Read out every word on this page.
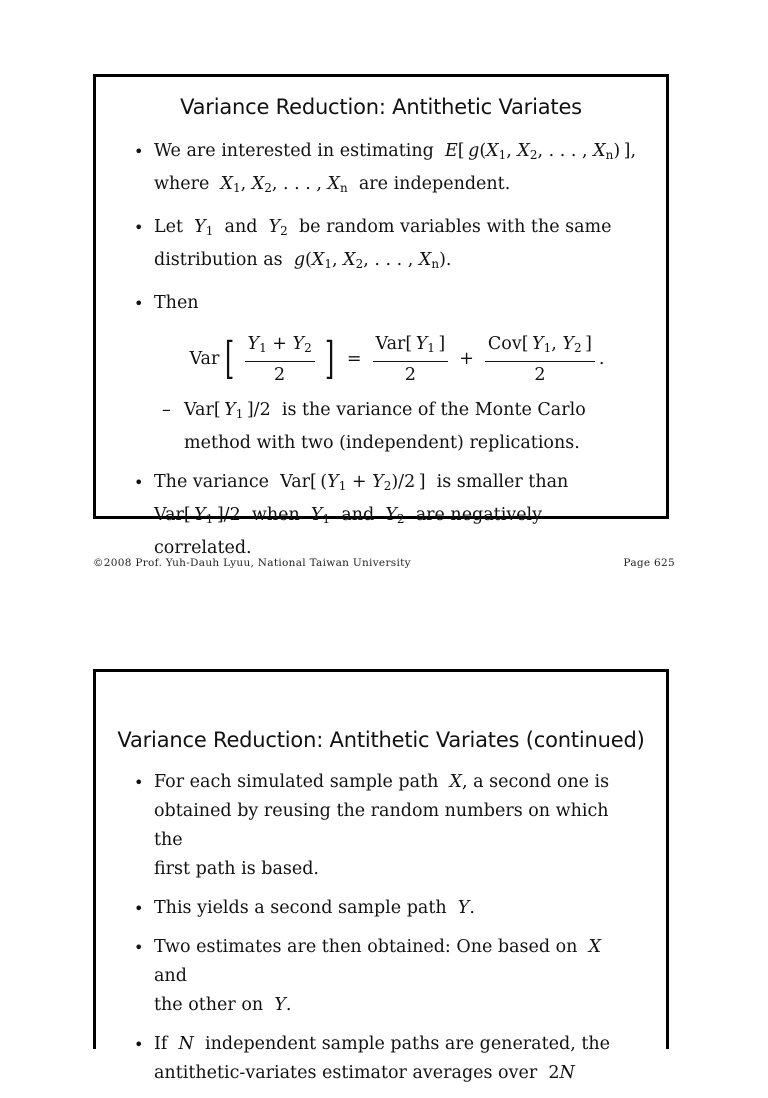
Variance Reduction: Antithetic Variates
• We are interested in estimating E[ $g(X_1$, $X_2$, . . . , $X_n$) ],
where $X_1$, $X_2$, . . . , $X_n$ are independent.
• Let $Y_1$ and $Y_2$ be random variables with the same
distribution as $g(X_1$, $X_2$, . . . , $X_n$).
• Then
Var [ $\frac{Y_1 + Y_2}{2}$ ] = $\frac{Var[ Y_1 ]}{2} + \frac{Cov[ Y_1, Y_2 ]}{2}$ .
– Var[ $Y_1$ ]/2  is the variance of the Monte Carlo
method with two (independent) replications.
• The variance  Var[ $(Y_1 + Y_2)/2$ ]  is smaller than
Var[ $Y_1$ ]/2  when $Y_1$ and $Y_2$ are negatively correlated.
©2008 Prof. Yuh-Dauh Lyuu, National Taiwan University	Page 625
Variance Reduction: Antithetic Variates (continued)
• For each simulated sample path X, a second one is
obtained by reusing the random numbers on which the
first path is based.
• This yields a second sample path Y.
• Two estimates are then obtained: One based on X  and
the other on Y.
• If N independent sample paths are generated, the
antithetic-variates estimator averages over  2N
